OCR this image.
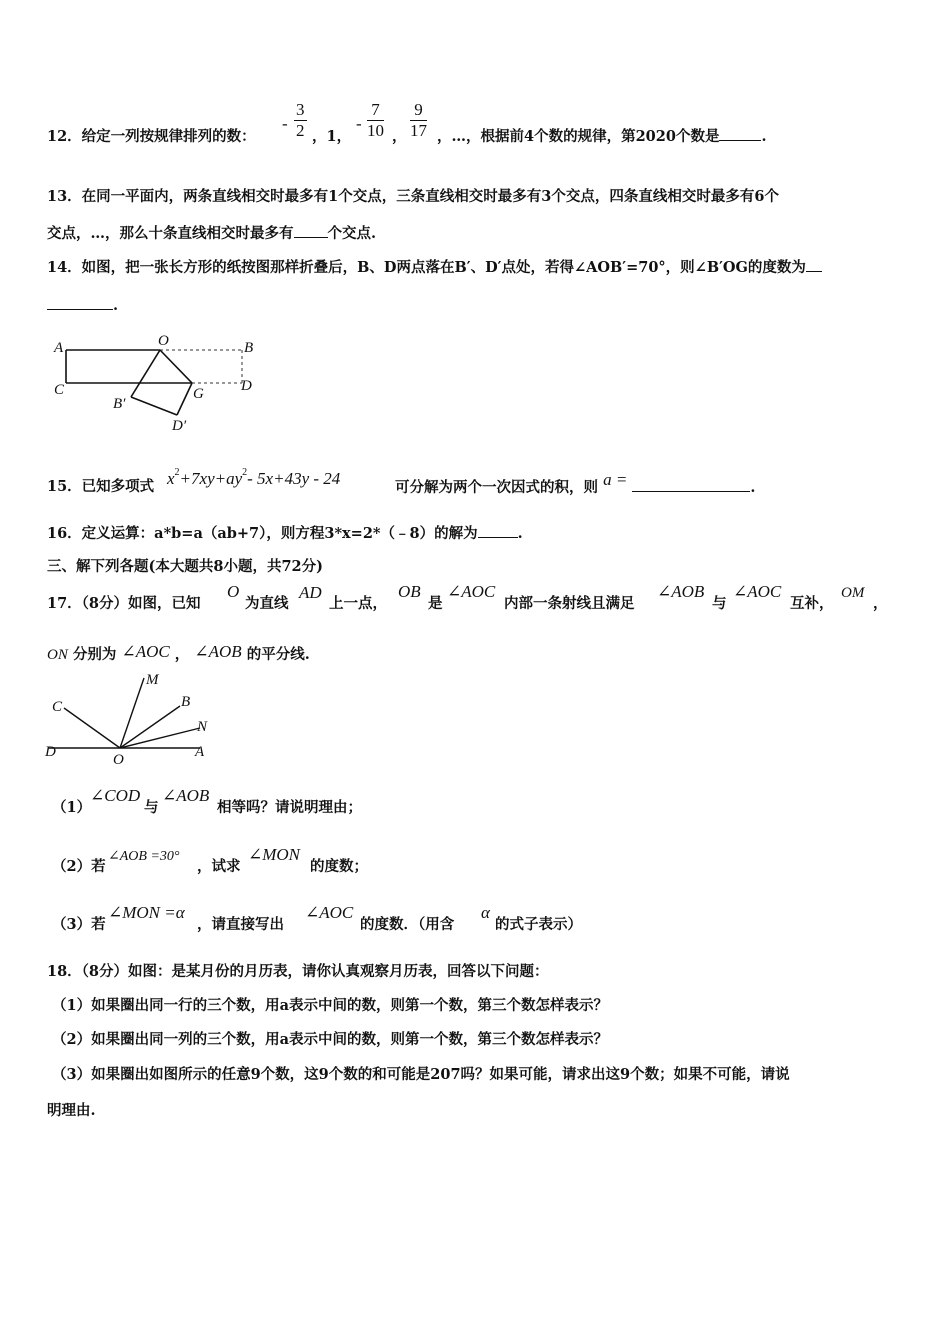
12．给定一列按规律排列的数：
- $\frac{3}{2}$ ，1，
- $\frac{7}{10}$ ， $\frac{9}{17}$ ，…，根据前4个数的规律，第2020个数是	.
13．在同一平面内，两条直线相交时最多有1个交点，三条直线相交时最多有3个交点，四条直线相交时最多有6个
交点，…，那么十条直线相交时最多有 个交点.
14．如图，把一张长方形的纸按图那样折叠后，B、D两点落在B′、D′点处，若得∠AOB′=70°，则∠B′OG的度数为
.
A	O	B
C	G D
B′
D′
15．已知多项式 $x^2+7xy+ay^2-$ 5x+43y - 24	可分解为两个一次因式的积，则 a =	.
16．定义运算：a*b=a（ab+7），则方程3*x=2*（﹣8）的解为	.
三、解下列各题(本大题共8小题，共72分)
17．（8分）如图，已知
O
为直线
AD
上一点，
OB
是
∠AOC
内部一条射线且满足
∠AOB
与
∠AOC
互补，
OM
，
ON 分别为 ∠AOC ， ∠AOB 的平分线.
C
M
B
N
D	O	A
（1）
∠COD
与
∠AOB
相等吗？请说明理由；
（2）若
∠AOB =30°
，试求
∠MON
的度数；
（3）若
∠MON =α
，请直接写出
∠AOC
的度数．（用含
α
的式子表示）
18．（8分）如图：是某月份的月历表，请你认真观察月历表，回答以下问题：
（1）如果圈出同一行的三个数，用a表示中间的数，则第一个数，第三个数怎样表示？
（2）如果圈出同一列的三个数，用a表示中间的数，则第一个数，第三个数怎样表示？
（3）如果圈出如图所示的任意9个数，这9个数的和可能是207吗？如果可能，请求出这9个数；如果不可能，请说
明理由.
